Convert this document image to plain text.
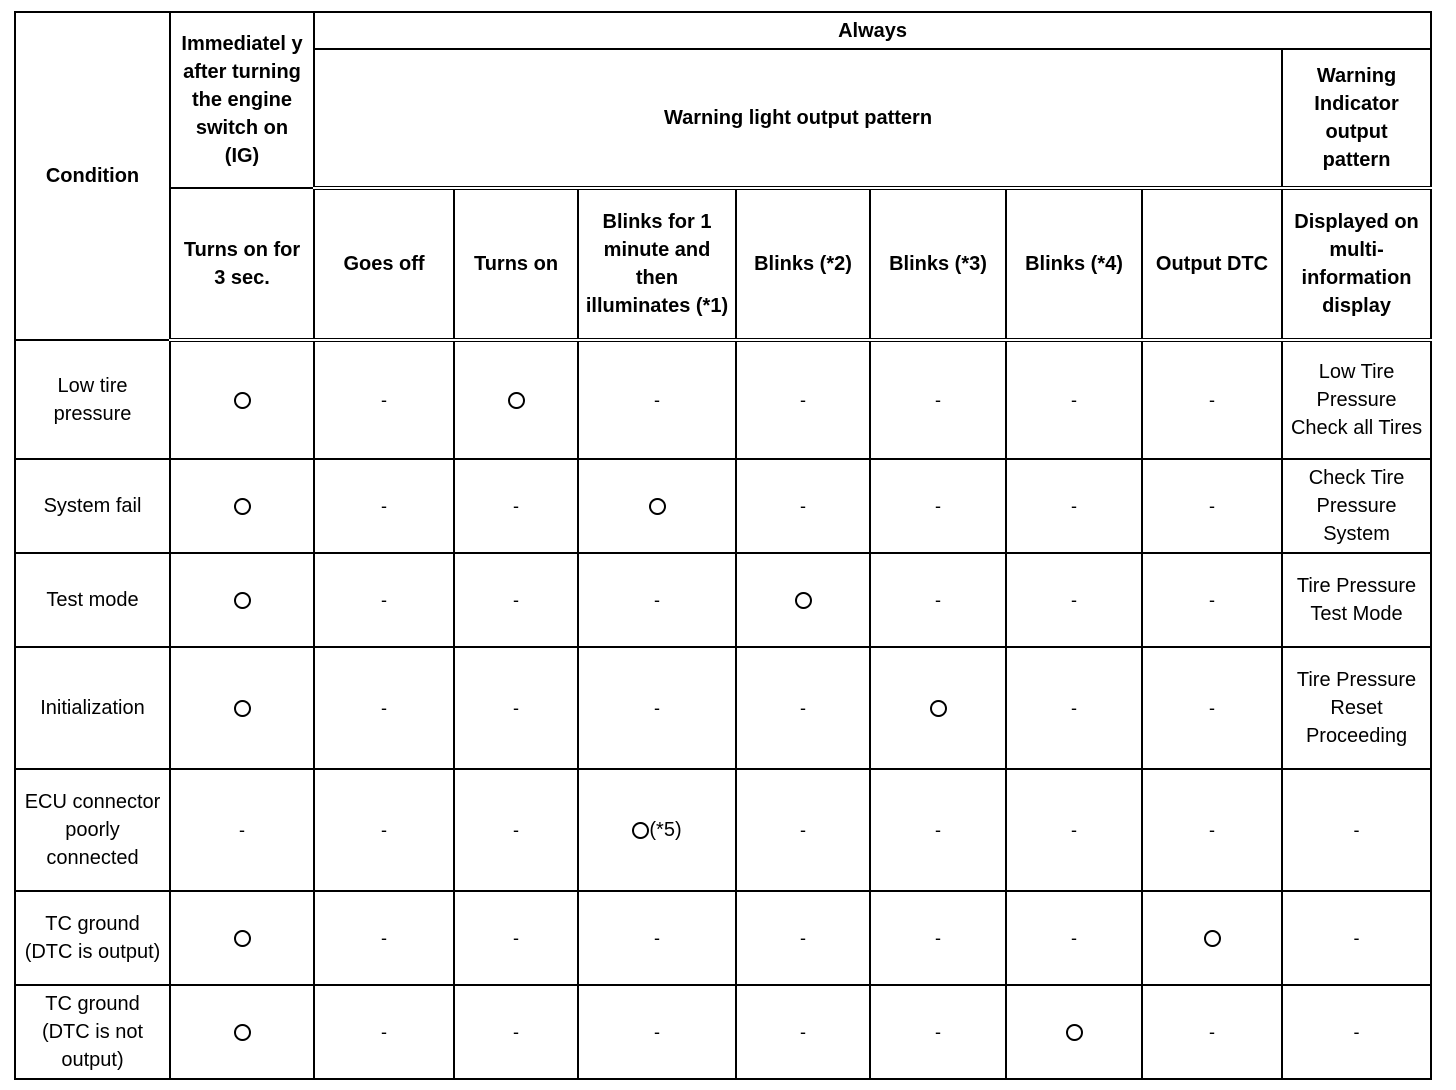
Condition	Immediatel y after turning the engine switch on (IG)	Always							
		Warning light output pattern							Warning Indicator output pattern
	Turns on for 3 sec.	Goes off	Turns on	Blinks for 1 minute and then illuminates (*1)	Blinks (*2)	Blinks (*3)	Blinks (*4)	Output DTC	Displayed on multi-information display
Low tire pressure		-		-	-	-	-	-	Low Tire Pressure Check all Tires
System fail		-	-		-	-	-	-	Check Tire Pressure System
Test mode		-	-	-		-	-	-	Tire Pressure Test Mode
Initialization		-	-	-	-		-	-	Tire Pressure Reset Proceeding
ECU connector poorly connected	-	-	-	(*5)	-	-	-	-	-
TC ground (DTC is output)		-	-	-	-	-	-		-
TC ground (DTC is not output)		-	-	-	-	-		-	-
